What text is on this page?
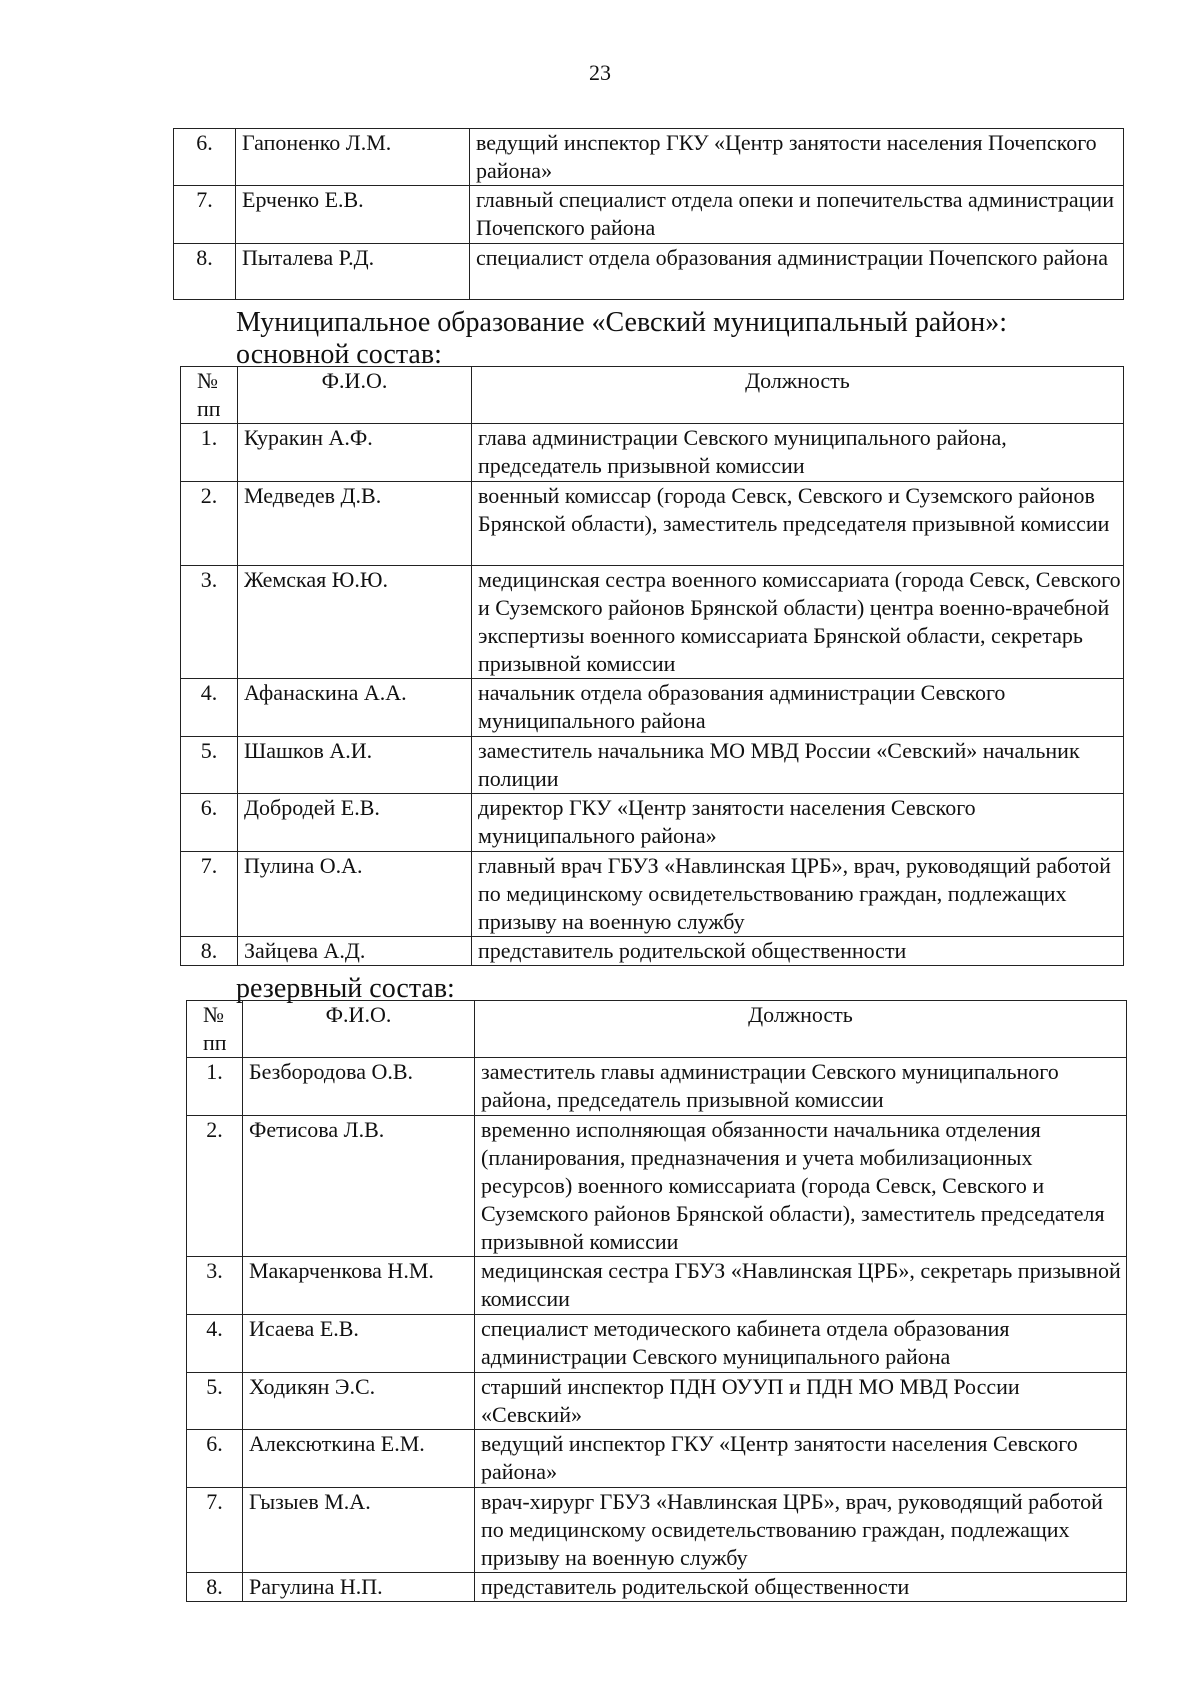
23
6.	Гапоненко Л.М.	ведущий инспектор ГКУ «Центр занятости населения Почепского района»
7.	Ерченко Е.В.	главный специалист отдела опеки и попечительства администрации Почепского района
8.	Пыталева Р.Д.	специалист отдела образования администрации Почепского района
Муниципальное образование «Севский муниципальный район»:
основной состав:
№ пп	Ф.И.О.	Должность
1.	Куракин А.Ф.	глава администрации Севского муниципального района, председатель призывной комиссии
2.	Медведев Д.В.	военный комиссар (города Севск, Севского и Суземского районов Брянской области), заместитель председателя призывной комиссии
3.	Жемская Ю.Ю.	медицинская сестра военного комиссариата (города Севск, Севского и Суземского районов Брянской области) центра военно-врачебной экспертизы военного комиссариата Брянской области, секретарь призывной комиссии
4.	Афанаскина А.А.	начальник отдела образования администрации Севского муниципального района
5.	Шашков А.И.	заместитель начальника МО МВД России «Севский» начальник полиции
6.	Добродей Е.В.	директор ГКУ «Центр занятости населения Севского муниципального района»
7.	Пулина О.А.	главный врач ГБУЗ «Навлинская ЦРБ», врач, руководящий работой по медицинскому освидетельствованию граждан, подлежащих призыву на военную службу
8.	Зайцева А.Д.	представитель родительской общественности
резервный состав:
№ пп	Ф.И.О.	Должность
1.	Безбородова О.В.	заместитель главы администрации Севского муниципального района, председатель призывной комиссии
2.	Фетисова Л.В.	временно исполняющая обязанности начальника отделения (планирования, предназначения и учета мобилизационных ресурсов) военного комиссариата (города Севск, Севского и Суземского районов Брянской области), заместитель председателя призывной комиссии
3.	Макарченкова Н.М.	медицинская сестра ГБУЗ «Навлинская ЦРБ», секретарь призывной комиссии
4.	Исаева Е.В.	специалист методического кабинета отдела образования администрации Севского муниципального района
5.	Ходикян Э.С.	старший инспектор ПДН ОУУП и ПДН МО МВД России «Севский»
6.	Алексюткина Е.М.	ведущий инспектор ГКУ «Центр занятости населения Севского района»
7.	Гызыев М.А.	врач-хирург ГБУЗ «Навлинская ЦРБ», врач, руководящий работой по медицинскому освидетельствованию граждан, подлежащих призыву на военную службу
8.	Рагулина Н.П.	представитель родительской общественности
